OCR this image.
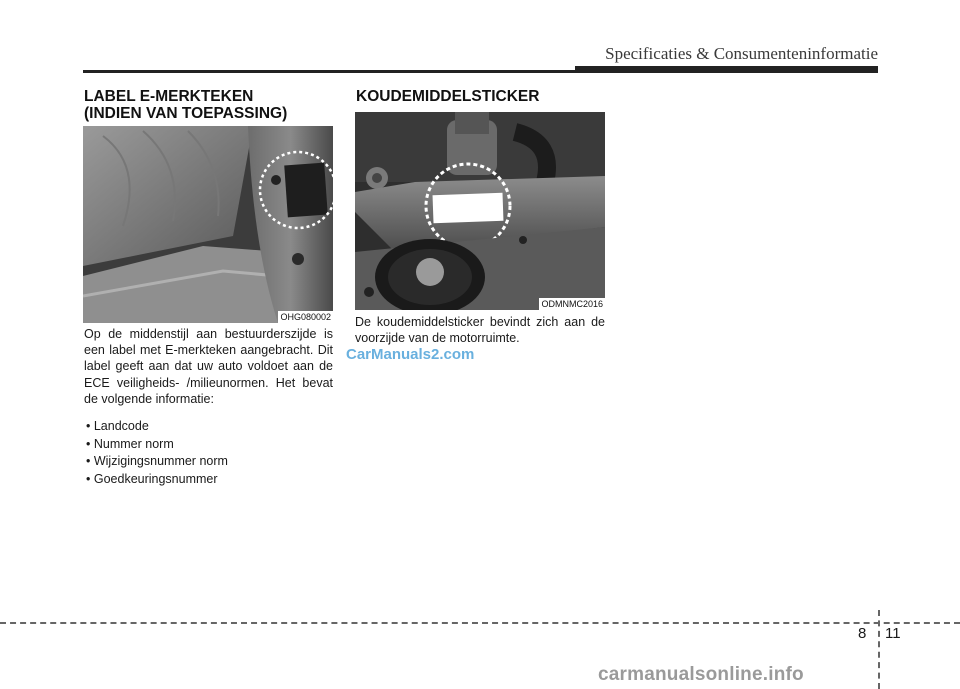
Specificaties & Consumenteninformatie
LABEL E-MERKTEKEN
(INDIEN VAN TOEPASSING)
OHG080002
Op de middenstijl aan bestuurderszijde is een label met E-merkteken aangebracht. Dit label geeft aan dat uw auto voldoet aan de ECE veiligheids- /milieunormen. Het bevat de volgende informatie:
• Landcode
• Nummer norm
• Wijzigingsnummer norm
• Goedkeuringsnummer
KOUDEMIDDELSTICKER
ODMNMC2016
De koudemiddelsticker bevindt zich aan de voorzijde van de motorruimte.
CarManuals2.com
8 11
carmanualsonline.info
